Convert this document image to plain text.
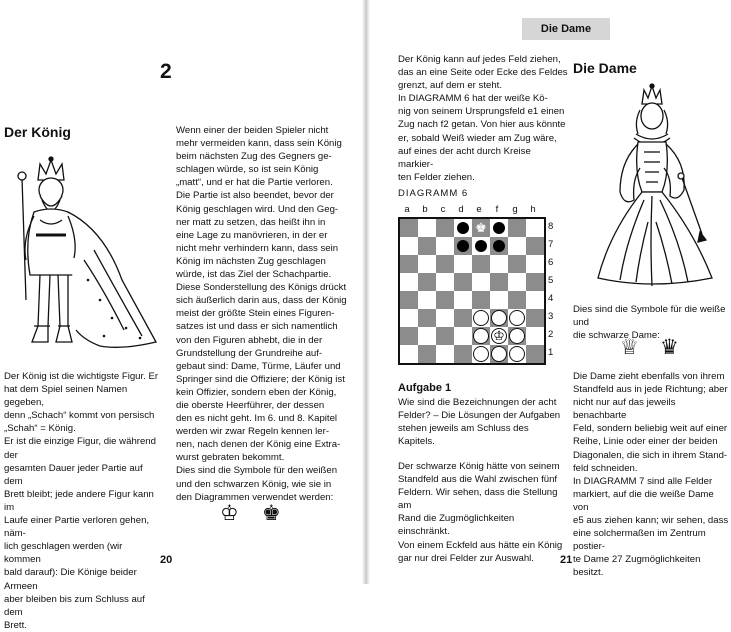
2
Der König

Der König ist die wichtigste Figur. Er

hat dem Spiel seinen Namen gegeben,

denn „Schach“ kommt von persisch

„Schah“ = König.

Er ist die einzige Figur, die während der

gesamten Dauer jeder Partie auf dem

Brett bleibt; jede andere Figur kann im

Laufe einer Partie verloren gehen, näm-

lich geschlagen werden (wir kommen

bald darauf): Die Könige beider Armeen

aber bleiben bis zum Schluss auf dem

Brett.

Wenn einer der beiden Spieler nicht

mehr vermeiden kann, dass sein König

beim nächsten Zug des Gegners ge-

schlagen würde, so ist sein König

„matt“, und er hat die Partie verloren.

Die Partie ist also beendet, bevor der

König geschlagen wird. Und den Geg-

ner matt zu setzen, das heißt ihn in

eine Lage zu manövrieren, in der er

nicht mehr verhindern kann, dass sein

König im nächsten Zug geschlagen

würde, ist das Ziel der Schachpartie.

Diese Sonderstellung des Königs drückt

sich äußerlich darin aus, dass der König

meist der größte Stein eines Figuren-

satzes ist und dass er sich namentlich

von den Figuren abhebt, die in der

Grundstellung der Grundreihe auf-

gebaut sind: Dame, Türme, Läufer und

Springer sind die Offiziere; der König ist

kein Offizier, sondern eben der König,

die oberste Heerführer, der dessen

den es nicht geht. Im 6. und 8. Kapitel

werden wir zwar Regeln kennen ler-

nen, nach denen der König eine Extra-

wurst gebraten bekommt.

Dies sind die Symbole für den weißen

und den schwarzen König, wie sie in

den Diagrammen verwendet werden:

♔ ♚
20
Die Dame

Der König kann auf jedes Feld ziehen,

das an eine Seite oder Ecke des Feldes

grenzt, auf dem er steht.

In DIAGRAMM 6 hat der weiße Kö-

nig von seinem Ursprungsfeld e1 einen

Zug nach f2 getan. Von hier aus könnte

er, sobald Weiß wieder am Zug wäre,

auf eines der acht durch Kreise markier-

ten Felder ziehen.

DIAGRAMM 6
a	b	c	d	e	f	g	h
♚
♔
8
7
6
5
4
3
2
1
Aufgabe 1

Wie sind die Bezeichnungen der acht

Felder? – Die Lösungen der Aufgaben

stehen jeweils am Schluss des Kapitels.

Der schwarze König hätte von seinem

Standfeld aus die Wahl zwischen fünf

Feldern. Wir sehen, dass die Stellung am

Rand die Zugmöglichkeiten einschränkt.

Von einem Eckfeld aus hätte ein König

gar nur drei Felder zur Auswahl.

Die Dame

Dies sind die Symbole für die weiße und

die schwarze Dame:

♕ ♛

Die Dame zieht ebenfalls von ihrem

Standfeld aus in jede Richtung; aber

nicht nur auf das jeweils benachbarte

Feld, sondern beliebig weit auf einer

Reihe, Linie oder einer der beiden

Diagonalen, die sich in ihrem Stand-

feld schneiden.

In DIAGRAMM 7 sind alle Felder

markiert, auf die die weiße Dame von

e5 aus ziehen kann; wir sehen, dass

eine solchermaßen im Zentrum postier-

te Dame 27 Zugmöglichkeiten besitzt.

21
